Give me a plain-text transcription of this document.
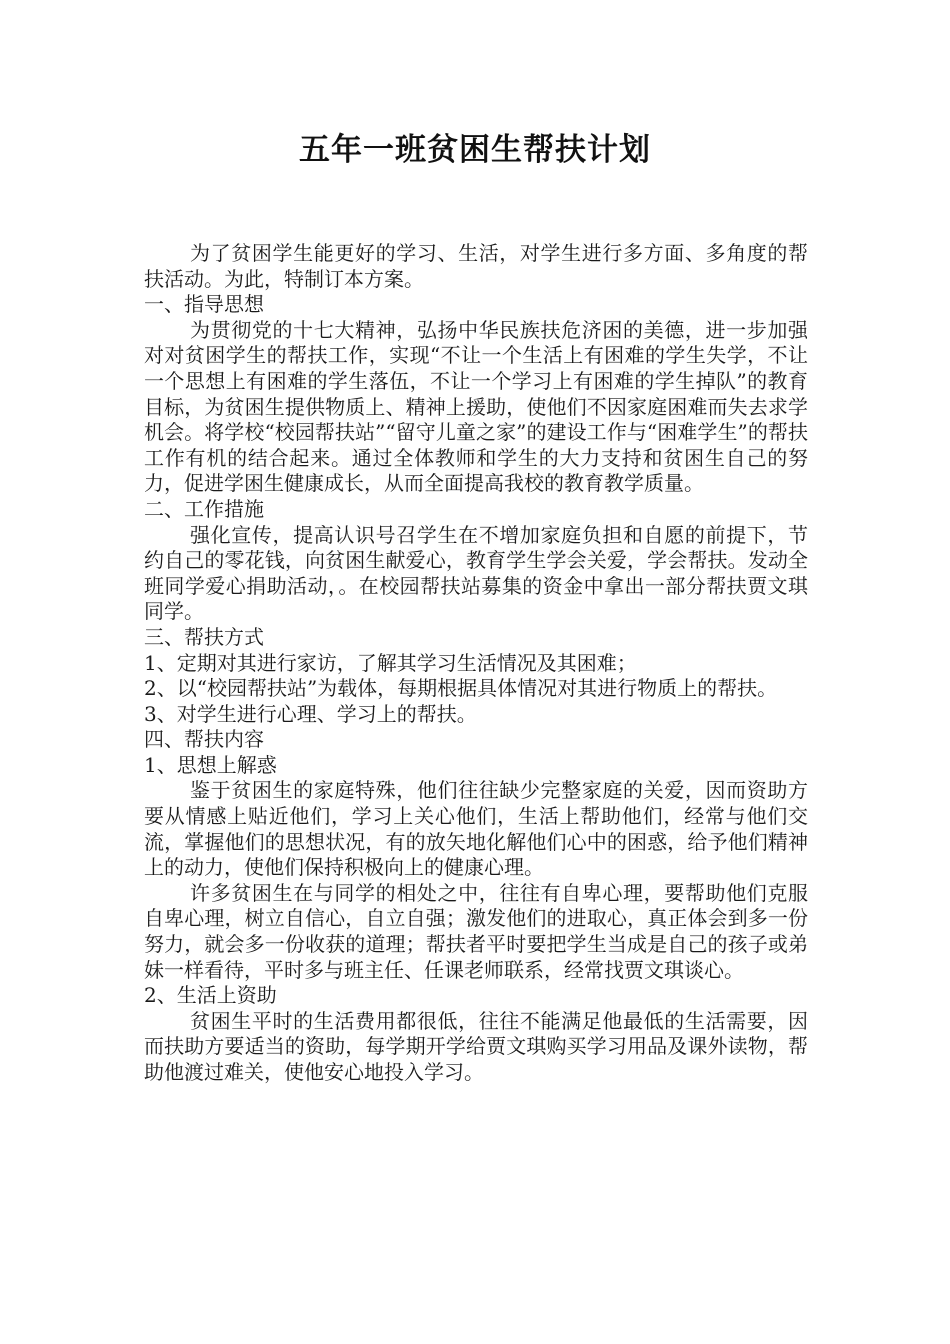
五年一班贫困生帮扶计划

为了贫困学生能更好的学习、生活，对学生进行多方面、多角度的帮扶活动。为此，特制订本方案。

一、指导思想

为贯彻党的十七大精神，弘扬中华民族扶危济困的美德，进一步加强对对贫困学生的帮扶工作，实现“不让一个生活上有困难的学生失学，不让一个思想上有困难的学生落伍，不让一个学习上有困难的学生掉队”的教育目标，为贫困生提供物质上、精神上援助，使他们不因家庭困难而失去求学机会。将学校“校园帮扶站”“留守儿童之家”的建设工作与“困难学生”的帮扶工作有机的结合起来。通过全体教师和学生的大力支持和贫困生自己的努力，促进学困生健康成长，从而全面提高我校的教育教学质量。

二、工作措施

强化宣传，提高认识号召学生在不增加家庭负担和自愿的前提下，节约自己的零花钱，向贫困生献爱心，教育学生学会关爱，学会帮扶。发动全班同学爱心捐助活动，。在校园帮扶站募集的资金中拿出一部分帮扶贾文琪同学。

三、帮扶方式

1、定期对其进行家访，了解其学习生活情况及其困难；

2、以“校园帮扶站”为载体，每期根据具体情况对其进行物质上的帮扶。

3、对学生进行心理、学习上的帮扶。

四、帮扶内容

1、思想上解惑

鉴于贫困生的家庭特殊，他们往往缺少完整家庭的关爱，因而资助方要从情感上贴近他们，学习上关心他们，生活上帮助他们，经常与他们交流，掌握他们的思想状况，有的放矢地化解他们心中的困惑，给予他们精神上的动力，使他们保持积极向上的健康心理。

许多贫困生在与同学的相处之中，往往有自卑心理，要帮助他们克服自卑心理，树立自信心，自立自强；激发他们的进取心，真正体会到多一份努力，就会多一份收获的道理；帮扶者平时要把学生当成是自己的孩子或弟妹一样看待，平时多与班主任、任课老师联系，经常找贾文琪谈心。

2、生活上资助

贫困生平时的生活费用都很低，往往不能满足他最低的生活需要，因而扶助方要适当的资助，每学期开学给贾文琪购买学习用品及课外读物，帮助他渡过难关，使他安心地投入学习。
